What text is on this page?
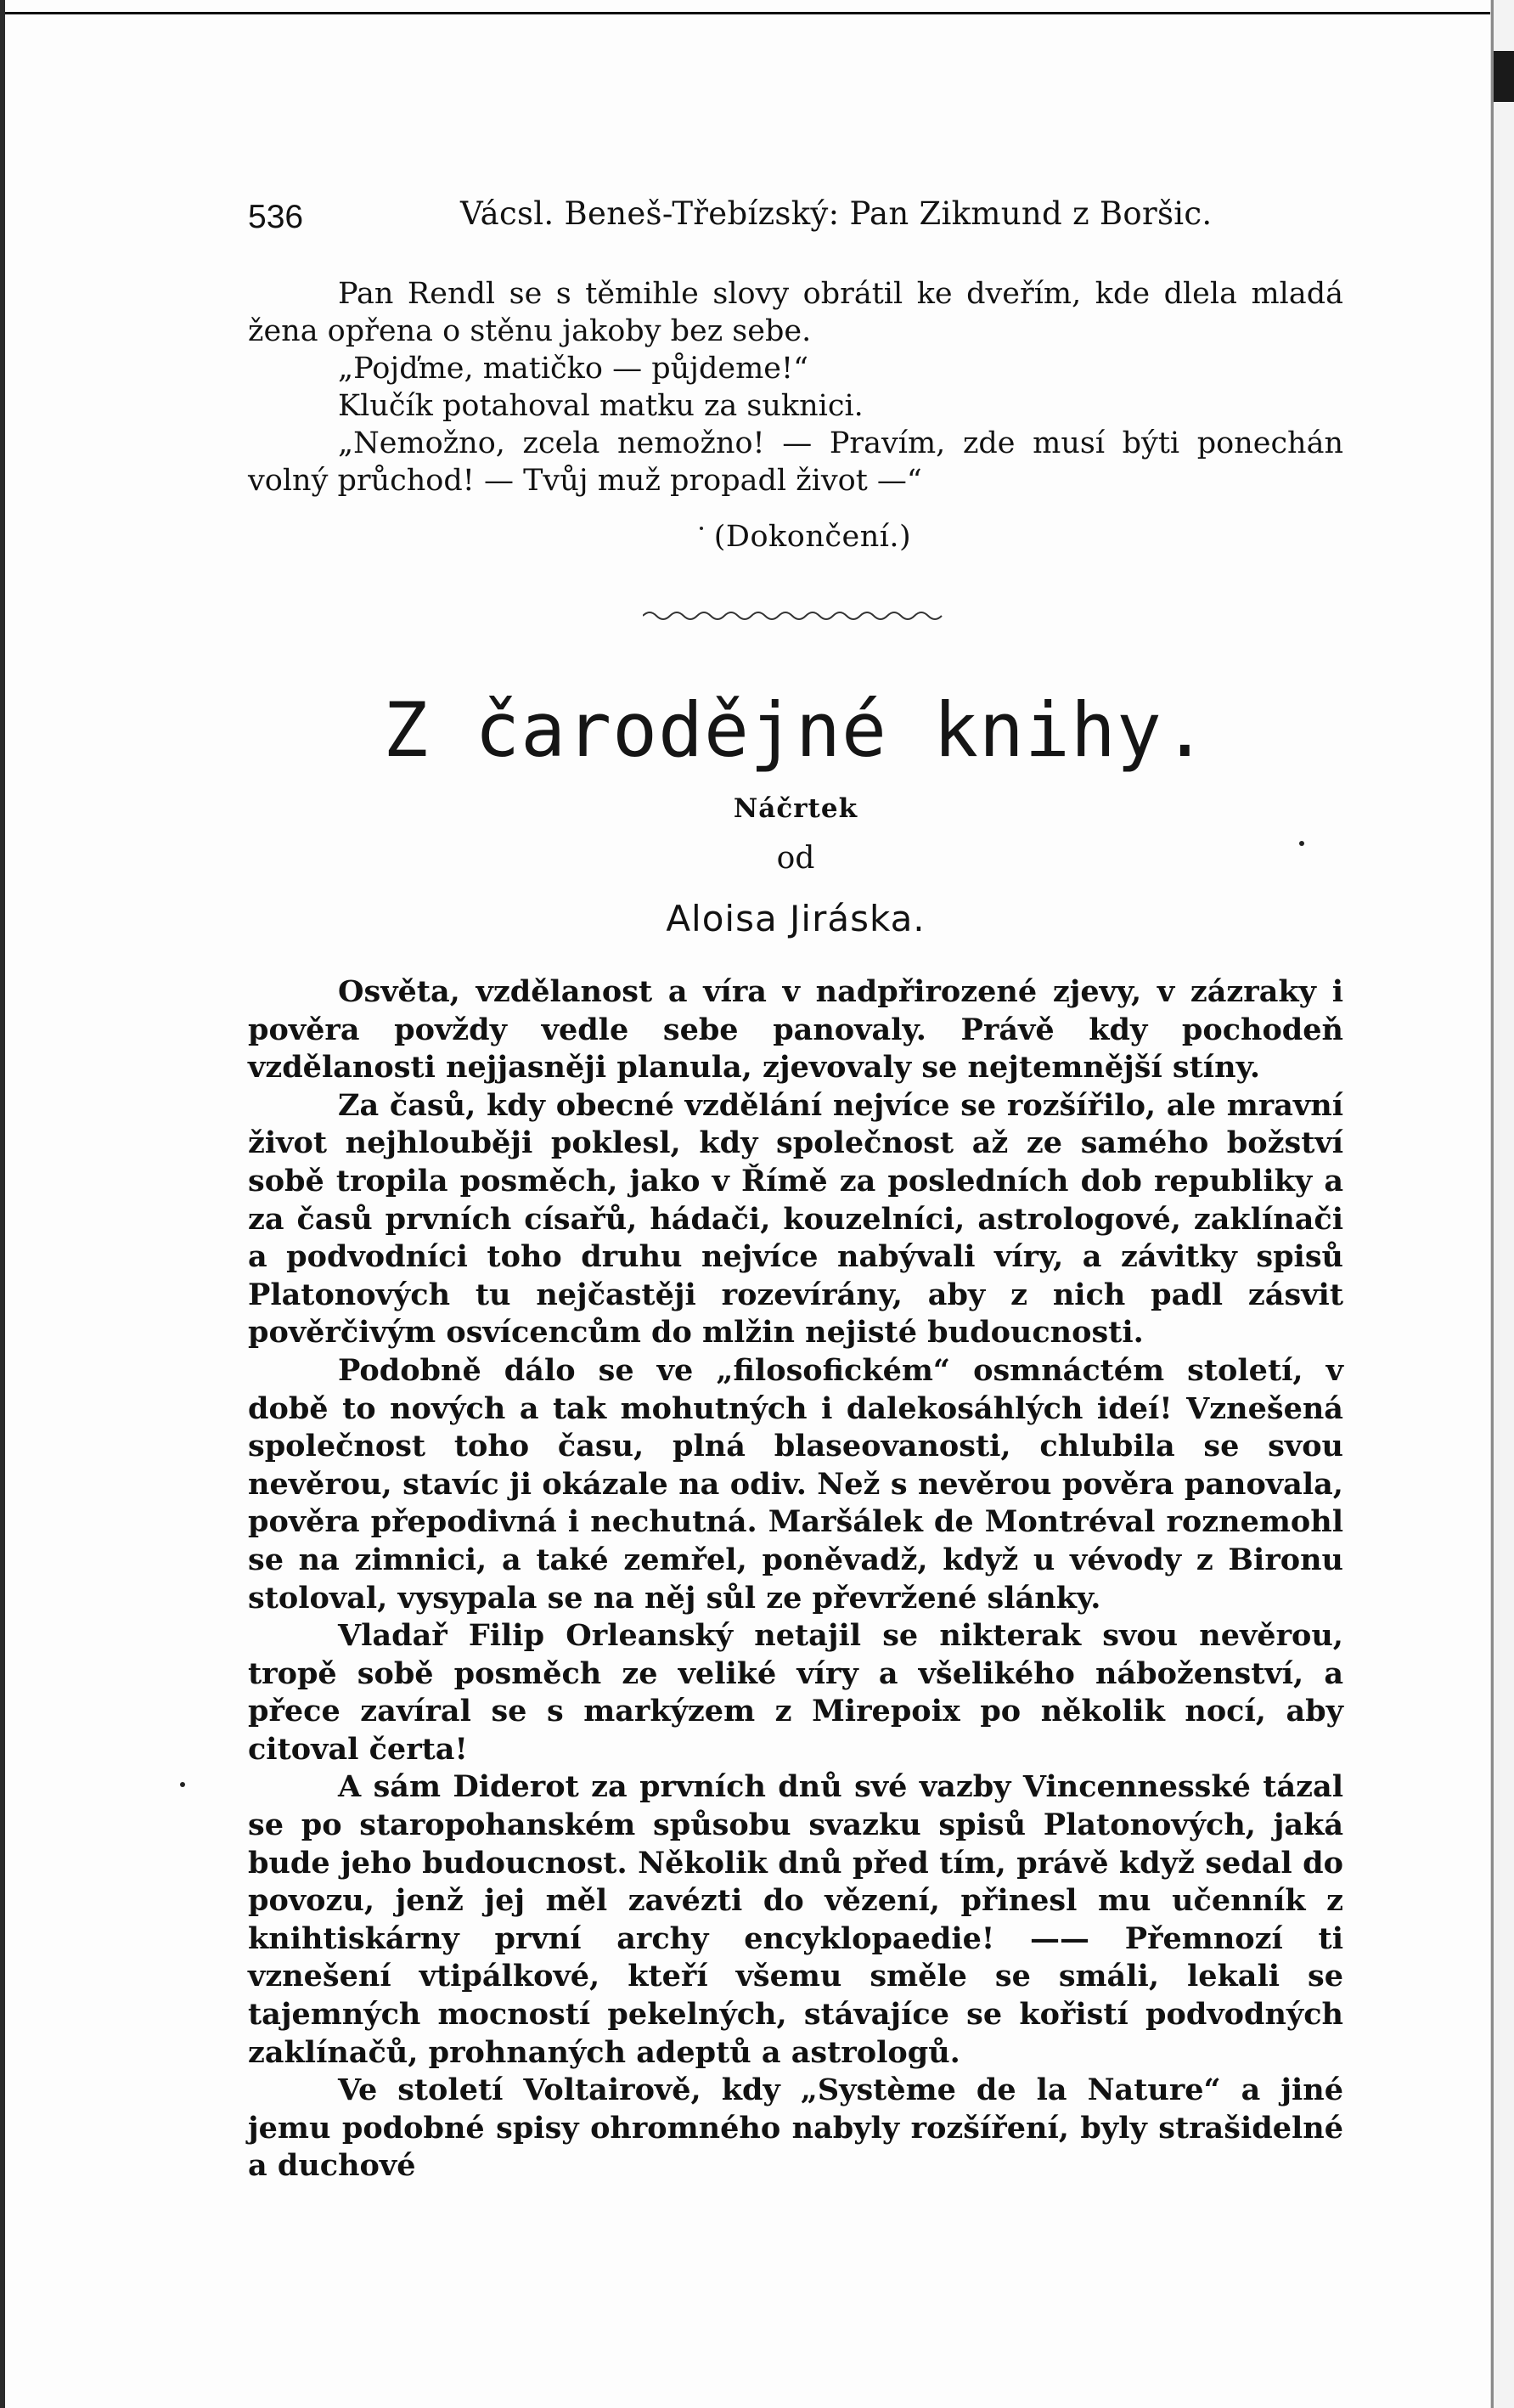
536	Vácsl. Beneš-Třebízský: Pan Zikmund z Boršic.

Pan Rendl se s těmihle slovy obrátil ke dveřím, kde dlela mladá žena opřena o stěnu jakoby bez sebe.

„Pojďme, matičko — půjdeme!“

Klučík potahoval matku za suknici.

„Nemožno, zcela nemožno! — Pravím, zde musí býti ponechán volný průchod! — Tvůj muž propadl život —“

(Dokončení.)

Z čarodějné knihy.
Náčrtek
od
Aloisa Jiráska.

Osvěta, vzdělanost a víra v nadpřirozené zjevy, v zázraky i pověra povždy vedle sebe panovaly. Právě kdy pochodeň vzdělanosti nejjasněji planula, zjevovaly se nejtemnější stíny.

Za časů, kdy obecné vzdělání nejvíce se rozšířilo, ale mravní život nejhlouběji poklesl, kdy společnost až ze samého božství sobě tropila posměch, jako v Římě za posledních dob republiky a za časů prvních císařů, hádači, kouzelníci, astrologové, zaklínači a podvodníci toho druhu nejvíce nabývali víry, a závitky spisů Platonových tu nejčastěji rozevírány, aby z nich padl zásvit pověrčivým osvícencům do mlžin nejisté budoucnosti.

Podobně dálo se ve „filosofickém“ osmnáctém století, v době to nových a tak mohutných i dalekosáhlých ideí! Vznešená společnost toho času, plná blaseovanosti, chlubila se svou nevěrou, stavíc ji okázale na odiv. Než s nevěrou pověra panovala, pověra přepodivná i nechutná. Maršálek de Montréval roznemohl se na zimnici, a také zemřel, poněvadž, když u vévody z Bironu stoloval, vysypala se na něj sůl ze převržené slánky.

Vladař Filip Orleanský netajil se nikterak svou nevěrou, tropě sobě posměch ze veliké víry a všelikého náboženství, a přece zavíral se s markýzem z Mirepoix po několik nocí, aby citoval čerta!

A sám Diderot za prvních dnů své vazby Vincennesské tázal se po staropohanském spůsobu svazku spisů Platonových, jaká bude jeho budoucnost. Několik dnů před tím, právě když sedal do povozu, jenž jej měl zavézti do vězení, přinesl mu učenník z knihtiskárny první archy encyklopaedie! —— Přemnozí ti vznešení vtipálkové, kteří všemu směle se smáli, lekali se tajemných mocností pekelných, stávajíce se kořistí podvodných zaklínačů, prohnaných adeptů a astrologů.

Ve století Voltairově, kdy „Système de la Nature“ a jiné jemu podobné spisy ohromného nabyly rozšíření, byly strašidelné a duchové
